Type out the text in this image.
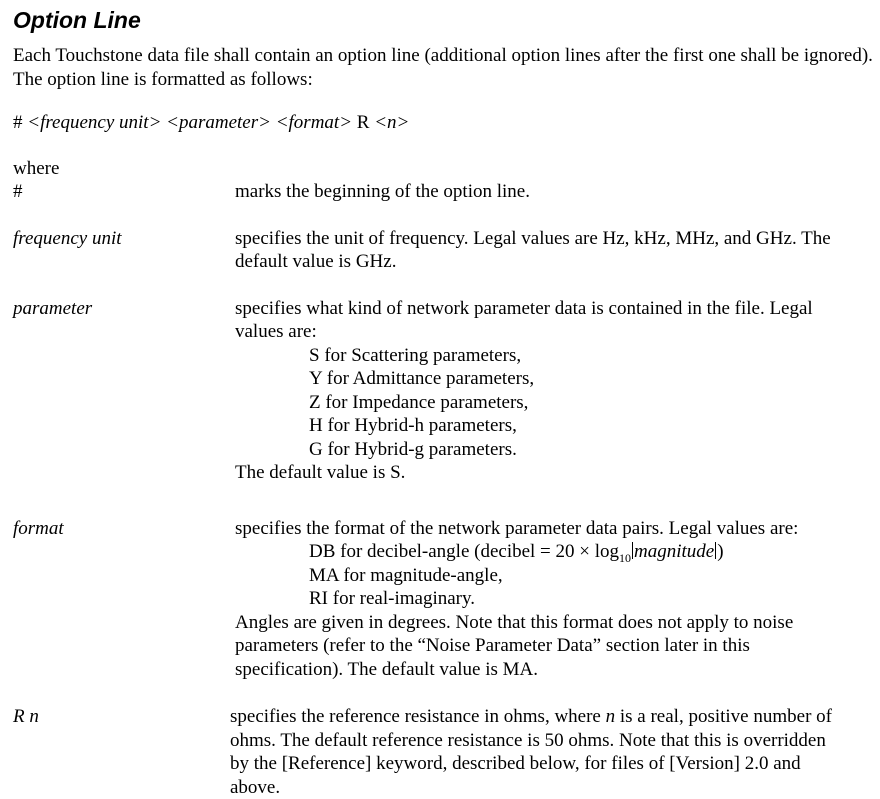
Option Line

Each Touchstone data file shall contain an option line (additional option lines after the first one shall be ignored). The option line is formatted as follows:

# <frequency unit> <parameter> <format> R <n>

where
#	marks the beginning of the option line.
frequency unit	specifies the unit of frequency. Legal values are Hz, kHz, MHz, and GHz. The
default value is GHz.
parameter	specifies what kind of network parameter data is contained in the file. Legal
values are:
S for Scattering parameters,
Y for Admittance parameters,
Z for Impedance parameters,
H for Hybrid-h parameters,
G for Hybrid-g parameters.
The default value is S.
format	specifies the format of the network parameter data pairs. Legal values are:
DB for decibel-angle (decibel = $20 \times \log_{10}$ magnitude )
MA for magnitude-angle,
RI for real-imaginary.
Angles are given in degrees. Note that this format does not apply to noise
parameters (refer to the “Noise Parameter Data” section later in this
specification). The default value is MA.
R n	specifies the reference resistance in ohms, where n is a real, positive number of
ohms. The default reference resistance is 50 ohms. Note that this is overridden
by the [Reference] keyword, described below, for files of [Version] 2.0 and
above.
